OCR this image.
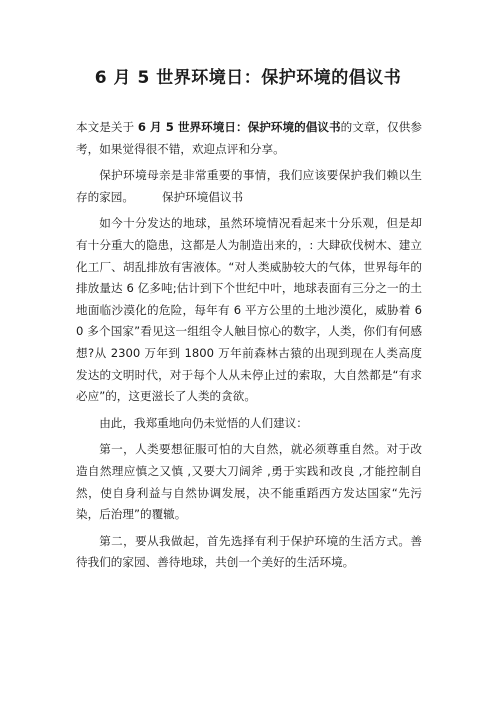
6 月 5 世界环境日：保护环境的倡议书

本文是关于 6 月 5 世界环境日：保护环境的倡议书的文章，仅供参考，如果觉得很不错，欢迎点评和分享。

保护环境母亲是非常重要的事情，我们应该要保护我们赖以生存的家园。 保护环境倡议书

如今十分发达的地球，虽然环境情况看起来十分乐观，但是却有十分重大的隐患，这都是人为制造出来的，: 大肆砍伐树木、建立化工厂、胡乱排放有害液体。“对人类威胁较大的气体，世界每年的排放量达 6 亿多吨;估计到下个世纪中叶，地球表面有三分之一的土地面临沙漠化的危险，每年有 6 平方公里的土地沙漠化，威胁着 60 多个国家”看见这一组组令人触目惊心的数字，人类，你们有何感想?从 2300 万年到 1800 万年前森林古猿的出现到现在人类高度发达的文明时代，对于每个人从未停止过的索取，大自然都是“有求必应”的，这更滋长了人类的贪欲。

由此，我郑重地向仍未觉悟的人们建议：

第一，人类要想征服可怕的大自然，就必须尊重自然。对于改造自然理应慎之又慎 ,又要大刀阔斧 ,勇于实践和改良 ,才能控制自然，使自身利益与自然协调发展，决不能重蹈西方发达国家“先污染，后治理”的覆辙。

第二，要从我做起，首先选择有利于保护环境的生活方式。善待我们的家园、善待地球，共创一个美好的生活环境。
